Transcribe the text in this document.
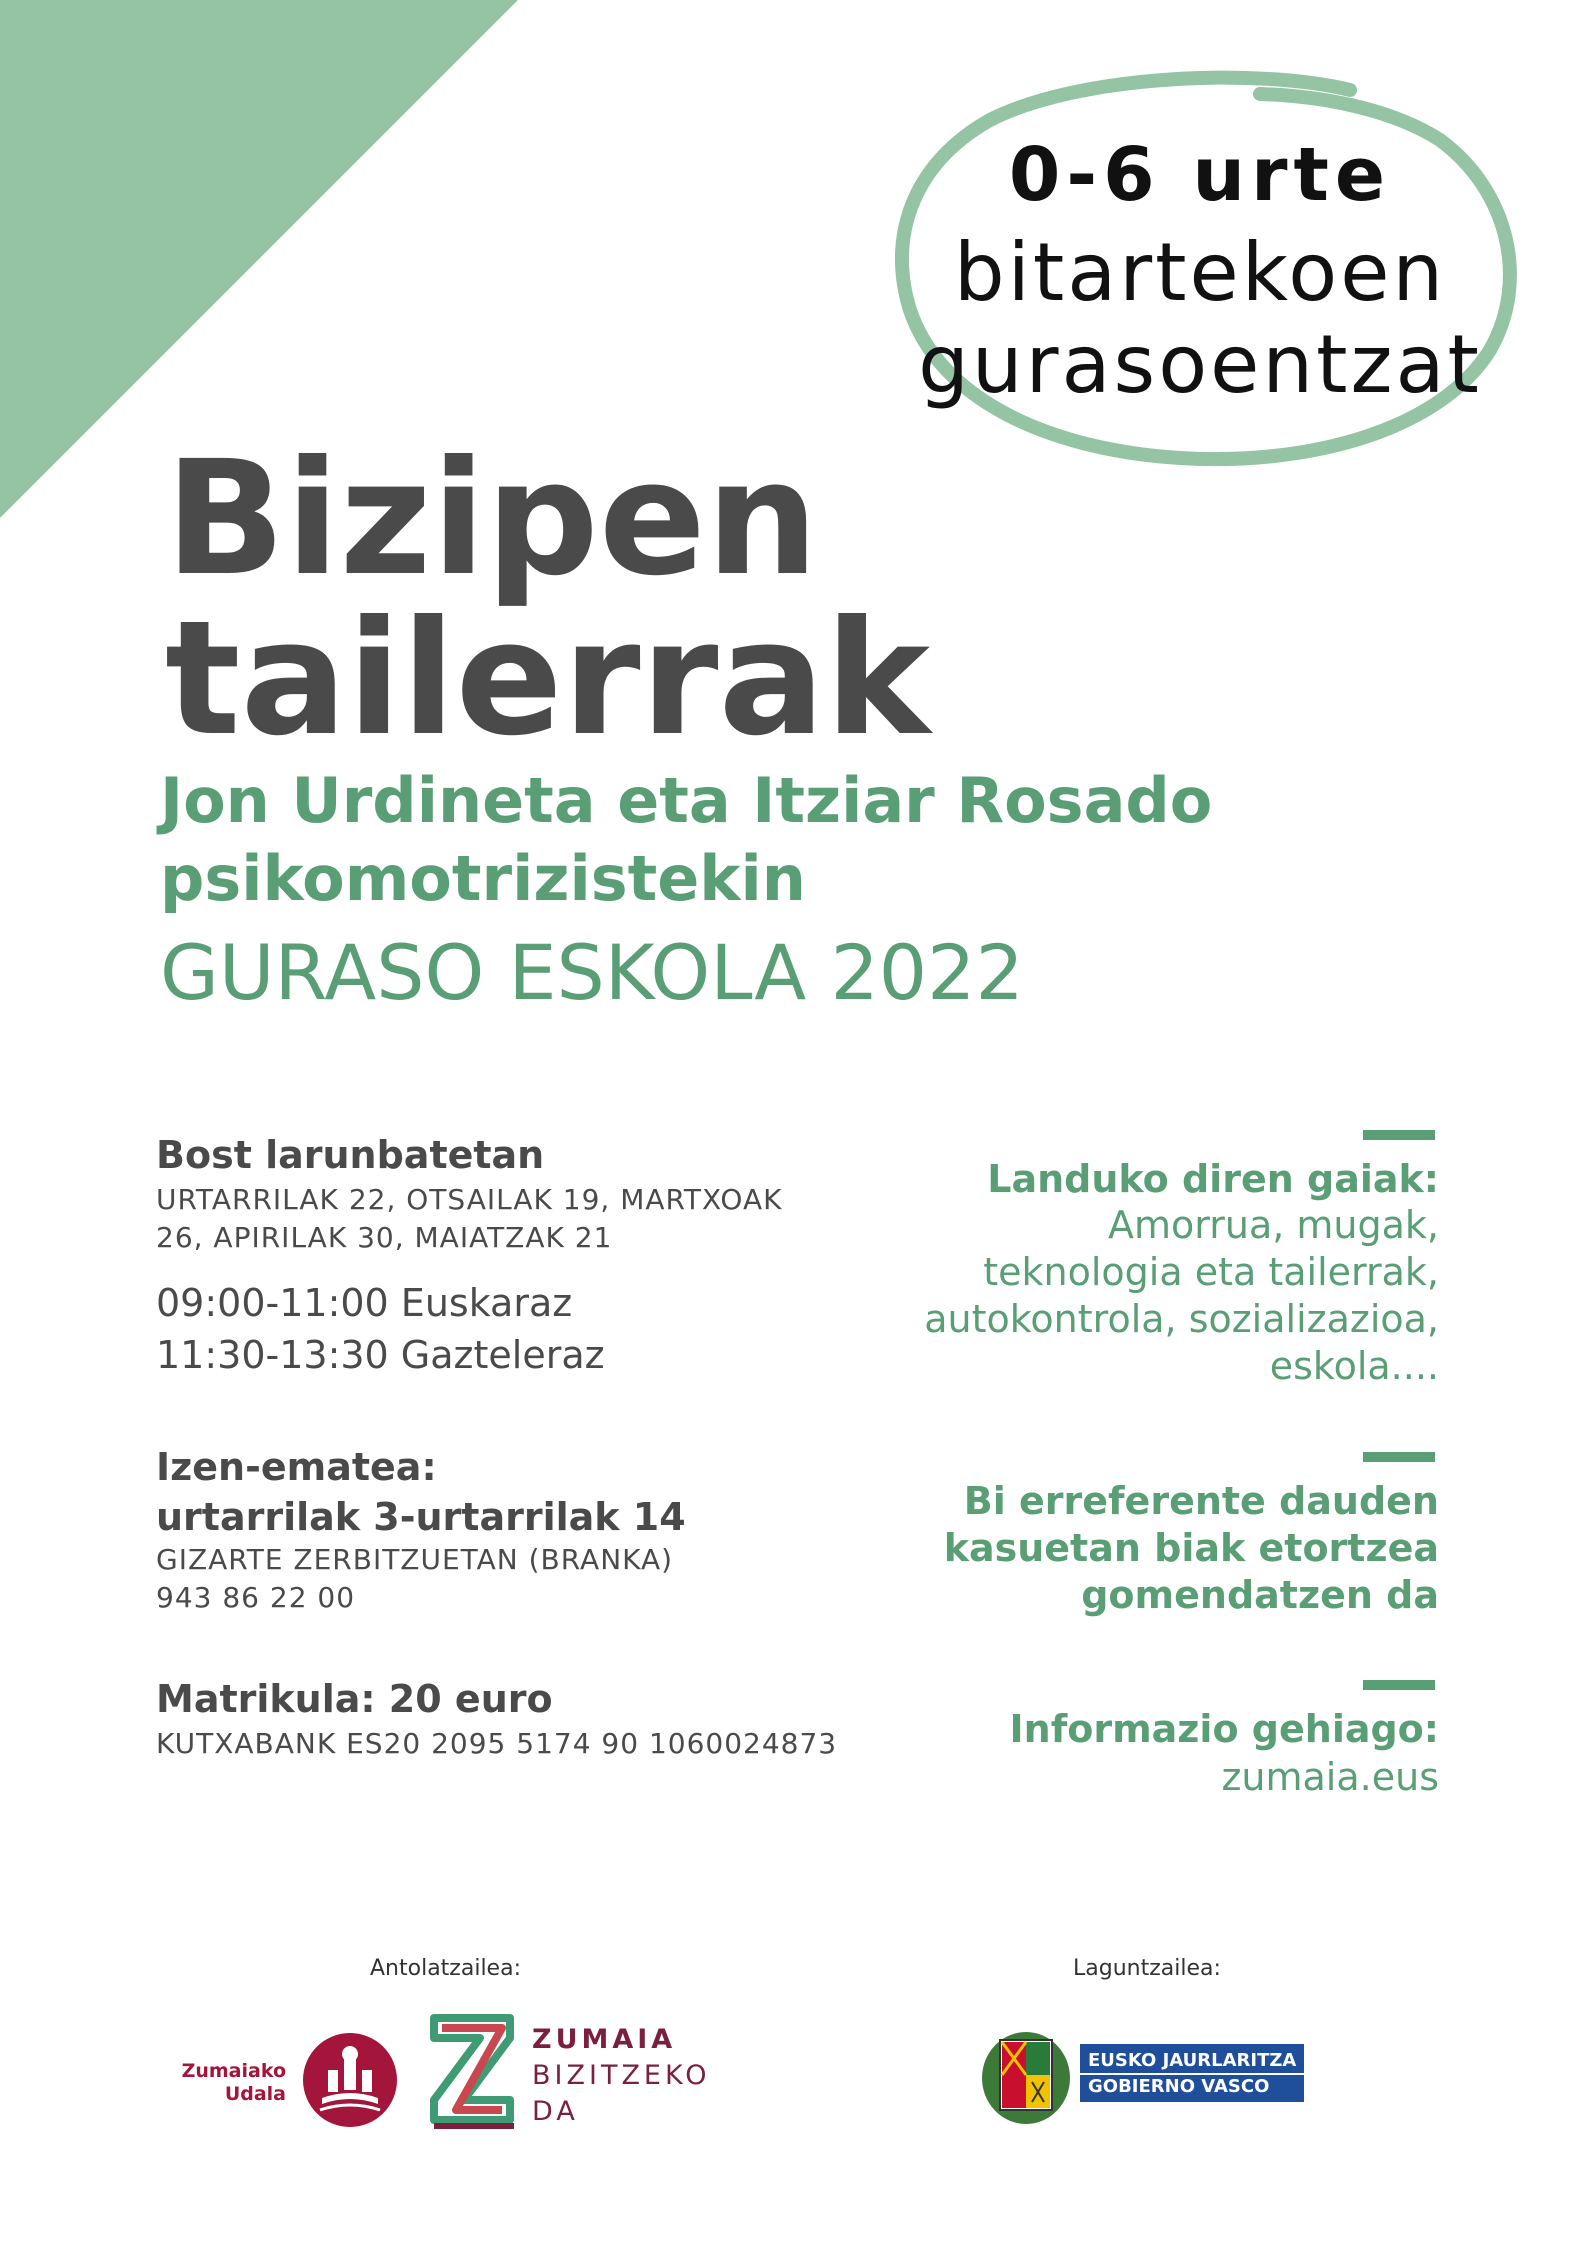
0-6 urte
bitartekoen
gurasoentzat
Bizipen
tailerrak
Jon Urdineta eta Itziar Rosado
psikomotrizistekin
GURASO ESKOLA 2022
Bost larunbatetan
URTARRILAK 22, OTSAILAK 19, MARTXOAK
26, APIRILAK 30, MAIATZAK 21
09:00-11:00 Euskaraz
11:30-13:30 Gazteleraz
Izen-ematea:
urtarrilak 3-urtarrilak 14
GIZARTE ZERBITZUETAN (BRANKA)
943 86 22 00
Matrikula: 20 euro
KUTXABANK ES20 2095 5174 90 1060024873
Landuko diren gaiak:
Amorrua, mugak,
teknologia eta tailerrak,
autokontrola, sozializazioa,
eskola....
Bi erreferente dauden
kasuetan biak etortzea
gomendatzen da
Informazio gehiago:
zumaia.eus
Antolatzailea:	Laguntzailea:
Zumaiako
Udala
ZUMAIA
BIZITZEKO
DA
EUSKO JAURLARITZA
GOBIERNO VASCO
